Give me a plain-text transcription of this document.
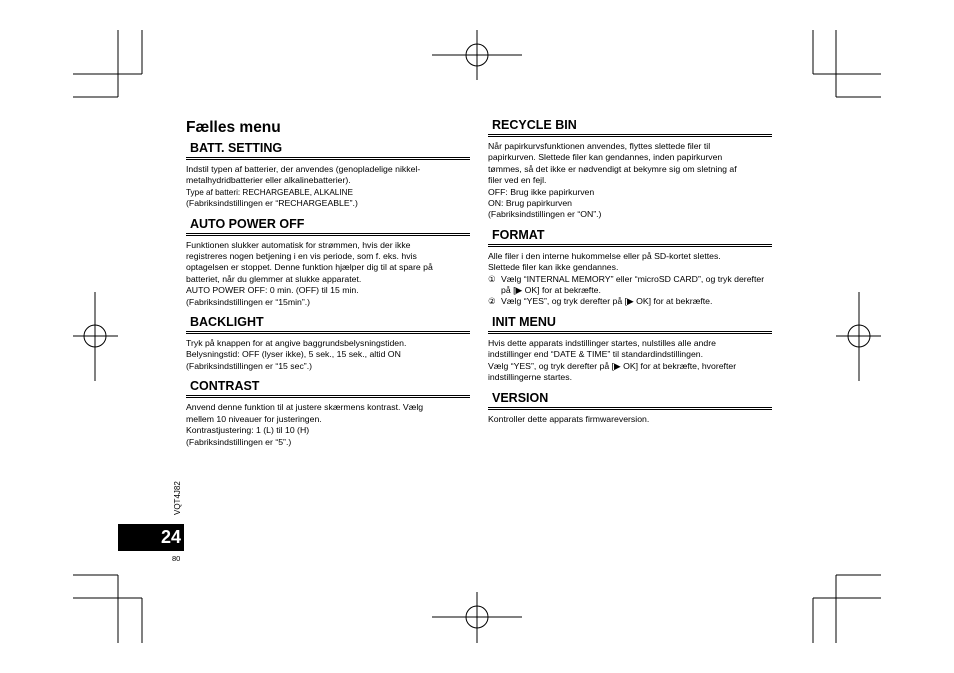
Fælles menu
BATT. SETTING

Indstil typen af batterier, der anvendes (genopladelige nikkel-

metalhydridbatterier eller alkalinebatterier).

Type af batteri: RECHARGEABLE, ALKALINE

(Fabriksindstillingen er “RECHARGEABLE”.)

AUTO POWER OFF

Funktionen slukker automatisk for strømmen, hvis der ikke

registreres nogen betjening i en vis periode, som f. eks. hvis

optagelsen er stoppet. Denne funktion hjælper dig til at spare på

batteriet, når du glemmer at slukke apparatet.

AUTO POWER OFF: 0 min. (OFF) til 15 min.

(Fabriksindstillingen er “15min”.)

BACKLIGHT

Tryk på knappen for at angive baggrundsbelysningstiden.

Belysningstid: OFF (lyser ikke), 5 sek., 15 sek., altid ON

(Fabriksindstillingen er “15 sec”.)

CONTRAST

Anvend denne funktion til at justere skærmens kontrast. Vælg

mellem 10 niveauer for justeringen.

Kontrastjustering: 1 (L) til 10 (H)

(Fabriksindstillingen er “5”.)

RECYCLE BIN

Når papirkurvsfunktionen anvendes, flyttes slettede filer til

papirkurven. Slettede filer kan gendannes, inden papirkurven

tømmes, så det ikke er nødvendigt at bekymre sig om sletning af

filer ved en fejl.

OFF: Brug ikke papirkurven

ON: Brug papirkurven

(Fabriksindstillingen er “ON”.)

FORMAT

Alle filer i den interne hukommelse eller på SD-kortet slettes.

Slettede filer kan ikke gendannes.

① Vælg “INTERNAL MEMORY” eller “microSD CARD”, og tryk derefter på [▶ OK] for at bekræfte.
② Vælg “YES”, og tryk derefter på [▶ OK] for at bekræfte.
INIT MENU

Hvis dette apparats indstillinger startes, nulstilles alle andre

indstillinger end “DATE & TIME” til standardindstillingen.

Vælg “YES”, og tryk derefter på [▶ OK] for at bekræfte, hvorefter

indstillingerne startes.

VERSION

Kontroller dette apparats firmwareversion.

VQT4J82
24
80
